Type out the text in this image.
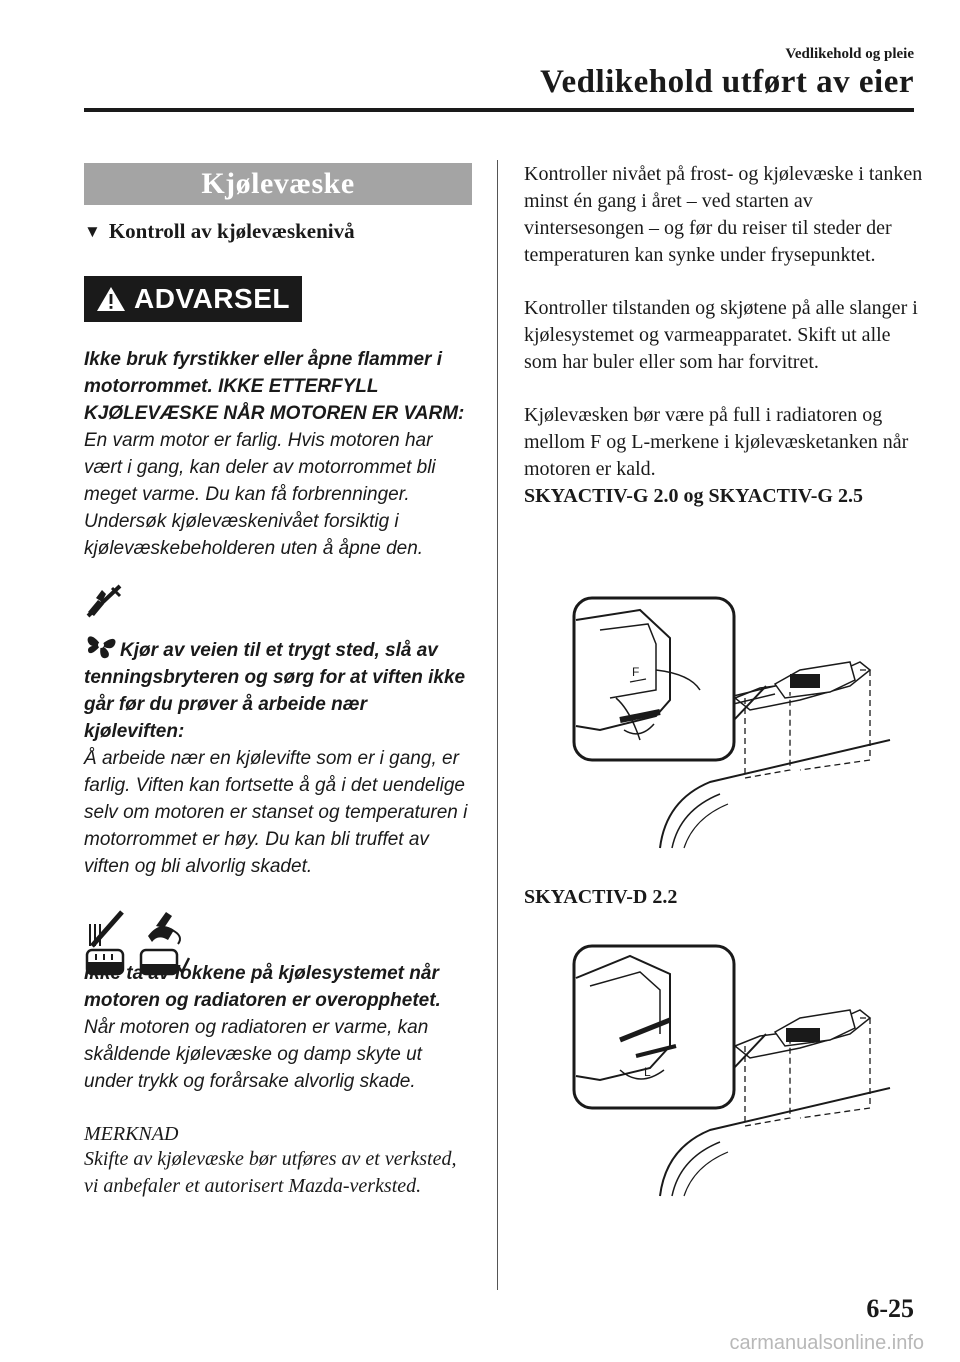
Vedlikehold og pleie
Vedlikehold utført av eier
Kjølevæske
▼ Kontroll av kjølevæskenivå
ADVARSEL
Ikke bruk fyrstikker eller åpne flammer i motorrommet. IKKE ETTERFYLL KJØLEVÆSKE NÅR MOTOREN ER VARM:
En varm motor er farlig. Hvis motoren har vært i gang, kan deler av motorrommet bli meget varme. Du kan få forbrenninger. Undersøk kjølevæskenivået forsiktig i kjølevæskebeholderen uten å åpne den.
Kjør av veien til et trygt sted, slå av tenningsbryteren og sørg for at viften ikke går før du prøver å arbeide nær kjøleviften:
Å arbeide nær en kjølevifte som er i gang, er farlig. Viften kan fortsette å gå i det uendelige selv om motoren er stanset og temperaturen i motorrommet er høy. Du kan bli truffet av viften og bli alvorlig skadet.

Ikke ta av lokkene på kjølesystemet når motoren og radiatoren er overopphetet.
Når motoren og radiatoren er varme, kan skåldende kjølevæske og damp skyte ut under trykk og forårsake alvorlig skade.
MERKNAD
Skifte av kjølevæske bør utføres av et verksted, vi anbefaler et autorisert Mazda-verksted.

Kontroller nivået på frost- og kjølevæske i tanken minst én gang i året – ved starten av vintersesongen – og før du reiser til steder der temperaturen kan synke under frysepunktet.

Kontroller tilstanden og skjøtene på alle slanger i kjølesystemet og varmeapparatet. Skift ut alle som har buler eller som har forvitret.

Kjølevæsken bør være på full i radiatoren og mellom F og L-merkene i kjølevæsketanken når motoren er kald.

SKYACTIV-G 2.0 og SKYACTIV-G 2.5
F
SKYACTIV-D 2.2
L
6-25
carmanualsonline.info
